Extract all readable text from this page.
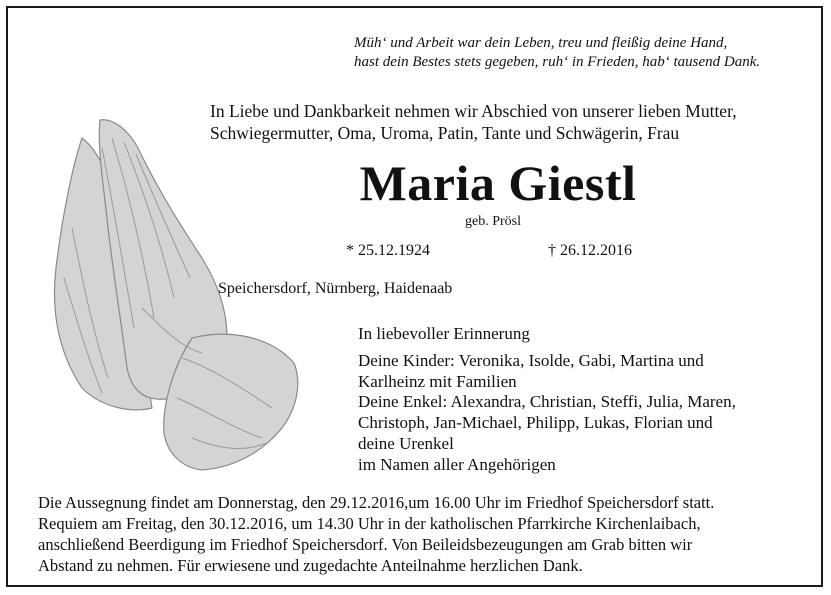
Müh‘ und Arbeit war dein Leben, treu und fleißig deine Hand,
hast dein Bestes stets gegeben, ruh‘ in Frieden, hab‘ tausend Dank.
In Liebe und Dankbarkeit nehmen wir Abschied von unserer lieben Mutter,
Schwiegermutter, Oma, Uroma, Patin, Tante und Schwägerin, Frau
Maria Giestl
geb. Prösl
* 25.12.1924	† 26.12.2016
Speichersdorf, Nürnberg, Haidenaab
In liebevoller Erinnerung
Deine Kinder: Veronika, Isolde, Gabi, Martina und
Karlheinz mit Familien
Deine Enkel: Alexandra, Christian, Steffi, Julia, Maren,
Christoph, Jan-Michael, Philipp, Lukas, Florian und
deine Urenkel
im Namen aller Angehörigen
Die Aussegnung findet am Donnerstag, den 29.12.2016,um 16.00 Uhr im Friedhof Speichersdorf statt.
Requiem am Freitag, den 30.12.2016, um 14.30 Uhr in der katholischen Pfarrkirche Kirchenlaibach,
anschließend Beerdigung im Friedhof Speichersdorf. Von Beileidsbezeugungen am Grab bitten wir
Abstand zu nehmen. Für erwiesene und zugedachte Anteilnahme herzlichen Dank.
